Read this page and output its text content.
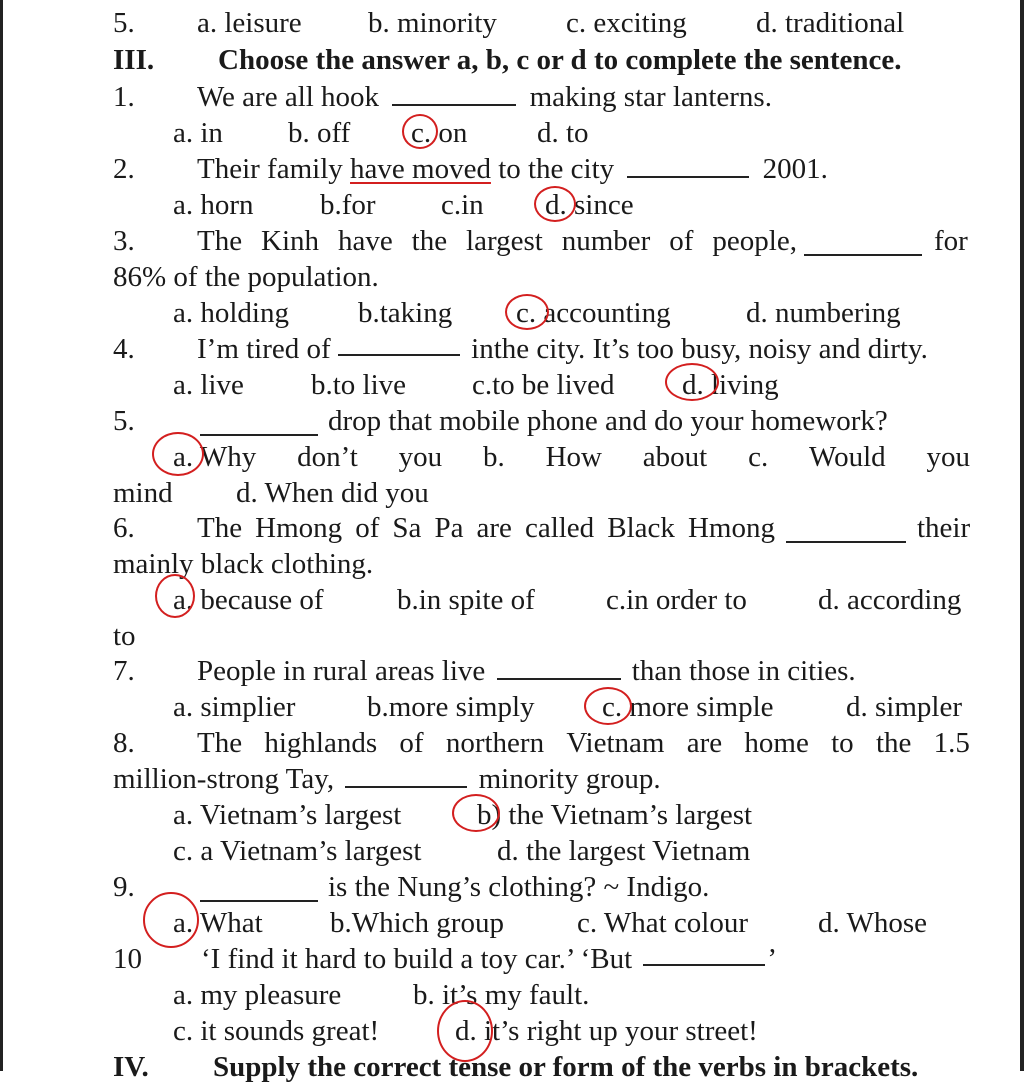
5. a. leisure b. minority c. exciting d. traditional
III. Choose the answer a, b, c or d to complete the sentence.
1. We are all hook	making star lanterns.
a. in b. off c. on d. to
2. Their family have moved to the city	2001.
a. horn b.for c.in d. since
3. The Kinh have the largest number of people,	for
86% of the population.
a. holding b.taking c. accounting	d. numbering
4. I’m tired of	inthe city. It’s too busy, noisy and dirty.
a. live b.to live c.to be lived d. living
5.	drop that mobile phone and do your homework?
a. Why don’t you b. How about c. Would you
mind d. When did you
6. The Hmong of Sa Pa are called Black Hmong	their
mainly black clothing.
a. because of	b.in spite of c.in order to d. according
to
7. People in rural areas live	than those in cities.
a. simplier b.more simply c. more simple d. simpler
8. The highlands of northern Vietnam are home to the 1.5
million-strong Tay,	minority group.
a. Vietnam’s largest	b) the Vietnam’s largest
c. a Vietnam’s largest	d. the largest Vietnam
9.	is the Nung’s clothing? ~ Indigo.
a. What b.Which group	c. What colour d. Whose
10 ‘I find it hard to build a toy car.’ ‘But	’
a. my pleasure b. it’s my fault.
c. it sounds great!	d. it’s right up your street!
IV. Supply the correct tense or form of the verbs in brackets.
